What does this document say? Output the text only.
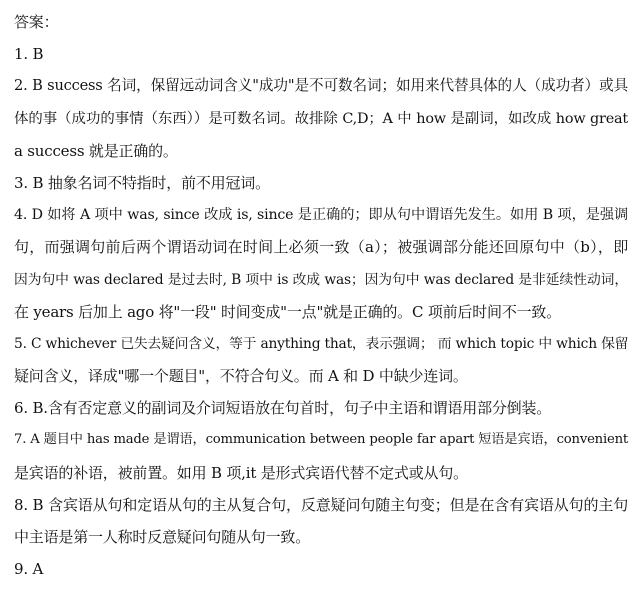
答案：
1. B
2. B success 名词，保留远动词含义"成功"是不可数名词；如用来代替具体的人（成功者）或具
体的事（成功的事情（东西））是可数名词。故排除 C,D；A 中 how 是副词，如改成 how great
a success 就是正确的。
3. B 抽象名词不特指时，前不用冠词。
4. D 如将 A 项中 was, since 改成 is, since 是正确的；即从句中谓语先发生。如用 B 项，是强调
句，而强调句前后两个谓语动词在时间上必须一致（a）；被强调部分能还回原句中（b），即
因为句中 was declared 是过去时, B 项中 is 改成 was；因为句中 was declared 是非延续性动词，
在 years 后加上 ago 将"一段" 时间变成"一点"就是正确的。C 项前后时间不一致。
5. C whichever 已失去疑问含义，等于 anything that，表示强调； 而 which topic 中 which 保留
疑问含义，译成"哪一个题目"，不符合句义。而 A 和 D 中缺少连词。
6. B.含有否定意义的副词及介词短语放在句首时，句子中主语和谓语用部分倒装。
7. A 题目中 has made 是谓语，communication between people far apart 短语是宾语，convenient
是宾语的补语，被前置。如用 B 项,it 是形式宾语代替不定式或从句。
8. B 含宾语从句和定语从句的主从复合句，反意疑问句随主句变；但是在含有宾语从句的主句
中主语是第一人称时反意疑问句随从句一致。
9. A
